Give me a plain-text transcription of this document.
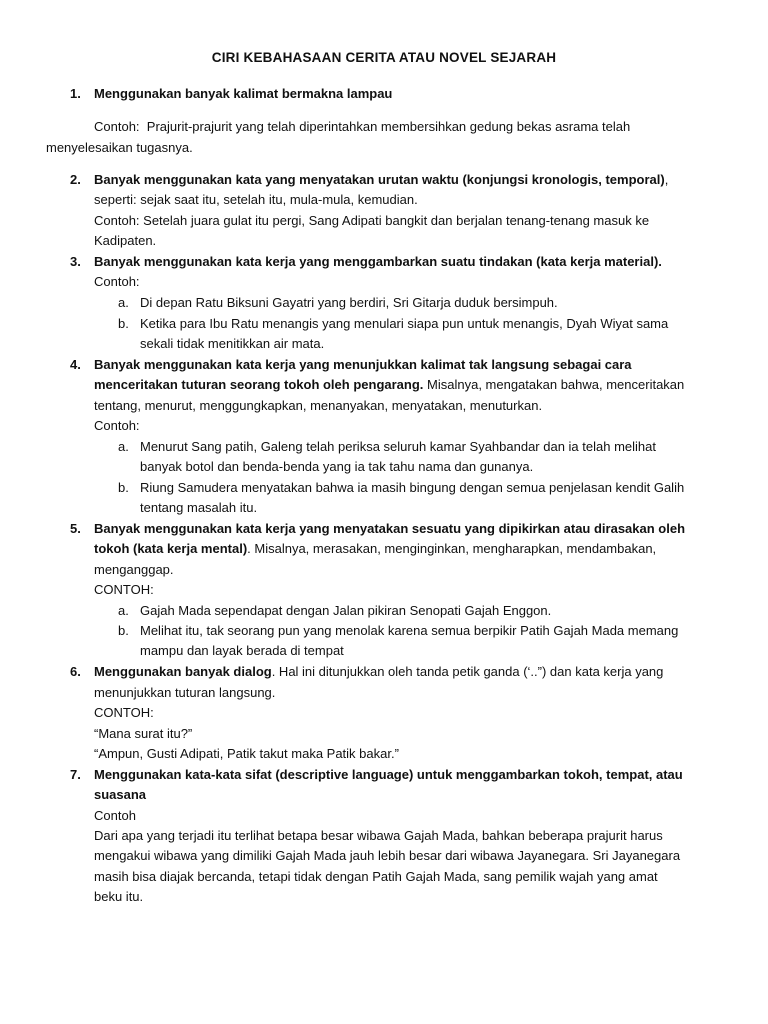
CIRI KEBAHASAAN CERITA ATAU NOVEL SEJARAH
1. Menggunakan banyak kalimat bermakna lampau

Contoh: Prajurit-prajurit yang telah diperintahkan membersihkan gedung bekas asrama telah

menyelesaikan tugasnya.

2. Banyak menggunakan kata yang menyatakan urutan waktu (konjungsi kronologis, temporal),

seperti: sejak saat itu, setelah itu, mula-mula, kemudian.

Contoh: Setelah juara gulat itu pergi, Sang Adipati bangkit dan berjalan tenang-tenang masuk ke

Kadipaten.

3. Banyak menggunakan kata kerja yang menggambarkan suatu tindakan (kata kerja material).

Contoh:

a. Di depan Ratu Biksuni Gayatri yang berdiri, Sri Gitarja duduk bersimpuh.

b. Ketika para Ibu Ratu menangis yang menulari siapa pun untuk menangis, Dyah Wiyat sama

sekali tidak menitikkan air mata.

4. Banyak menggunakan kata kerja yang menunjukkan kalimat tak langsung sebagai cara

menceritakan tuturan seorang tokoh oleh pengarang. Misalnya, mengatakan bahwa, menceritakan

tentang, menurut, menggungkapkan, menanyakan, menyatakan, menuturkan.

Contoh:

a. Menurut Sang patih, Galeng telah periksa seluruh kamar Syahbandar dan ia telah melihat

banyak botol dan benda-benda yang ia tak tahu nama dan gunanya.

b. Riung Samudera menyatakan bahwa ia masih bingung dengan semua penjelasan kendit Galih

tentang masalah itu.

5. Banyak menggunakan kata kerja yang menyatakan sesuatu yang dipikirkan atau dirasakan oleh

tokoh (kata kerja mental). Misalnya, merasakan, menginginkan, mengharapkan, mendambakan,

menganggap.

CONTOH:

a. Gajah Mada sependapat dengan Jalan pikiran Senopati Gajah Enggon.

b. Melihat itu, tak seorang pun yang menolak karena semua berpikir Patih Gajah Mada memang

mampu dan layak berada di tempat

6. Menggunakan banyak dialog. Hal ini ditunjukkan oleh tanda petik ganda (‘..”) dan kata kerja yang

menunjukkan tuturan langsung.

CONTOH:

“Mana surat itu?”

“Ampun, Gusti Adipati, Patik takut maka Patik bakar.”

7. Menggunakan kata-kata sifat (descriptive language) untuk menggambarkan tokoh, tempat, atau
suasana

Contoh

Dari apa yang terjadi itu terlihat betapa besar wibawa Gajah Mada, bahkan beberapa prajurit harus

mengakui wibawa yang dimiliki Gajah Mada jauh lebih besar dari wibawa Jayanegara. Sri Jayanegara

masih bisa diajak bercanda, tetapi tidak dengan Patih Gajah Mada, sang pemilik wajah yang amat

beku itu.
